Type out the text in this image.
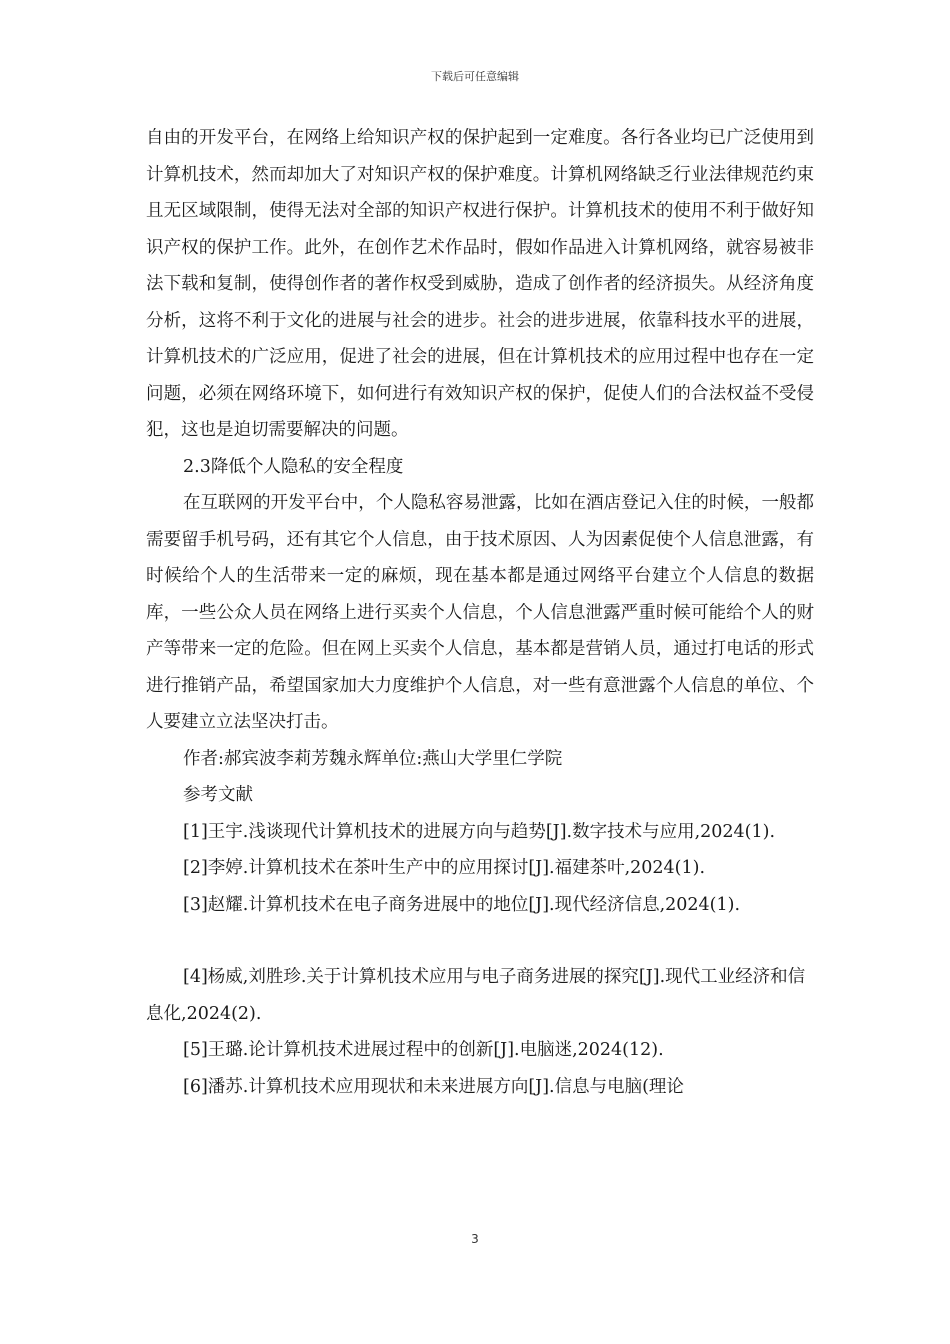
下载后可任意编辑

自由的开发平台，在网络上给知识产权的保护起到一定难度。各行各业均已广泛使用到计算机技术，然而却加大了对知识产权的保护难度。计算机网络缺乏行业法律规范约束且无区域限制，使得无法对全部的知识产权进行保护。计算机技术的使用不利于做好知识产权的保护工作。此外，在创作艺术作品时，假如作品进入计算机网络，就容易被非法下载和复制，使得创作者的著作权受到威胁，造成了创作者的经济损失。从经济角度分析，这将不利于文化的进展与社会的进步。社会的进步进展，依靠科技水平的进展，计算机技术的广泛应用，促进了社会的进展，但在计算机技术的应用过程中也存在一定问题，必须在网络环境下，如何进行有效知识产权的保护，促使人们的合法权益不受侵犯，这也是迫切需要解决的问题。

2.3降低个人隐私的安全程度

在互联网的开发平台中，个人隐私容易泄露，比如在酒店登记入住的时候，一般都需要留手机号码，还有其它个人信息，由于技术原因、人为因素促使个人信息泄露，有时候给个人的生活带来一定的麻烦，现在基本都是通过网络平台建立个人信息的数据库，一些公众人员在网络上进行买卖个人信息，个人信息泄露严重时候可能给个人的财产等带来一定的危险。但在网上买卖个人信息，基本都是营销人员，通过打电话的形式进行推销产品，希望国家加大力度维护个人信息，对一些有意泄露个人信息的单位、个人要建立立法坚决打击。

作者:郝宾波李莉芳魏永辉单位:燕山大学里仁学院

参考文献

[1]王宇.浅谈现代计算机技术的进展方向与趋势[J].数字技术与应用,2024(1).

[2]李婷.计算机技术在茶叶生产中的应用探讨[J].福建茶叶,2024(1).

[3]赵耀.计算机技术在电子商务进展中的地位[J].现代经济信息,2024(1).

[4]杨威,刘胜珍.关于计算机技术应用与电子商务进展的探究[J].现代工业经济和信息化,2024(2).

[5]王璐.论计算机技术进展过程中的创新[J].电脑迷,2024(12).

[6]潘苏.计算机技术应用现状和未来进展方向[J].信息与电脑(理论

3
